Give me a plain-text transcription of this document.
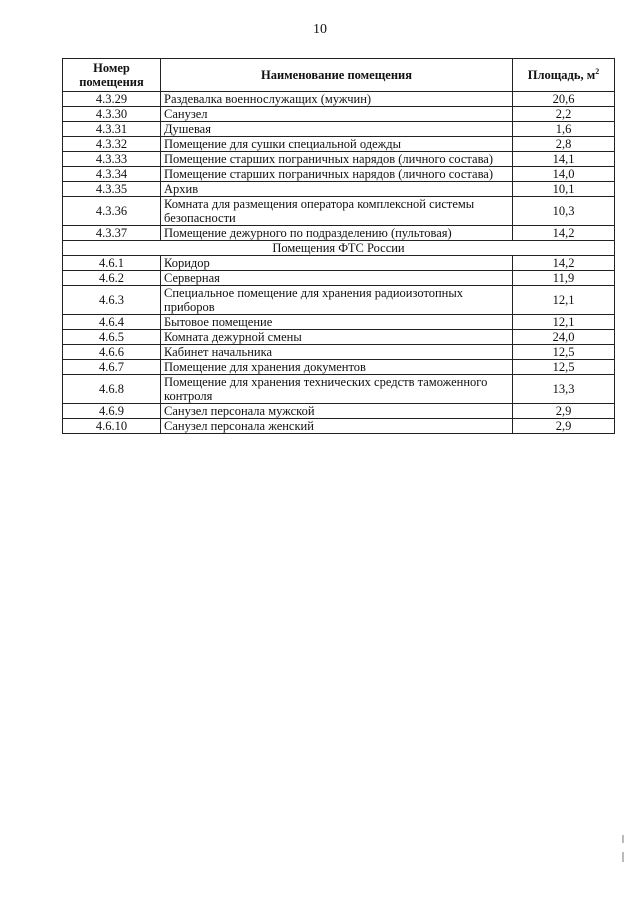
10
Номер помещения	Наименование помещения	Площадь, $м^2$
4.3.29	Раздевалка военнослужащих (мужчин)	20,6
4.3.30	Санузел	2,2
4.3.31	Душевая	1,6
4.3.32	Помещение для сушки специальной одежды	2,8
4.3.33	Помещение старших пограничных нарядов (личного состава)	14,1
4.3.34	Помещение старших пограничных нарядов (личного состава)	14,0
4.3.35	Архив	10,1
4.3.36	Комната для размещения оператора комплексной системы безопасности	10,3
4.3.37	Помещение дежурного по подразделению (пультовая)	14,2
Помещения ФТС России		
4.6.1	Коридор	14,2
4.6.2	Серверная	11,9
4.6.3	Специальное помещение для хранения радиоизотопных приборов	12,1
4.6.4	Бытовое помещение	12,1
4.6.5	Комната дежурной смены	24,0
4.6.6	Кабинет начальника	12,5
4.6.7	Помещение для хранения документов	12,5
4.6.8	Помещение для хранения технических средств таможенного контроля	13,3
4.6.9	Санузел персонала мужской	2,9
4.6.10	Санузел персонала женский	2,9
